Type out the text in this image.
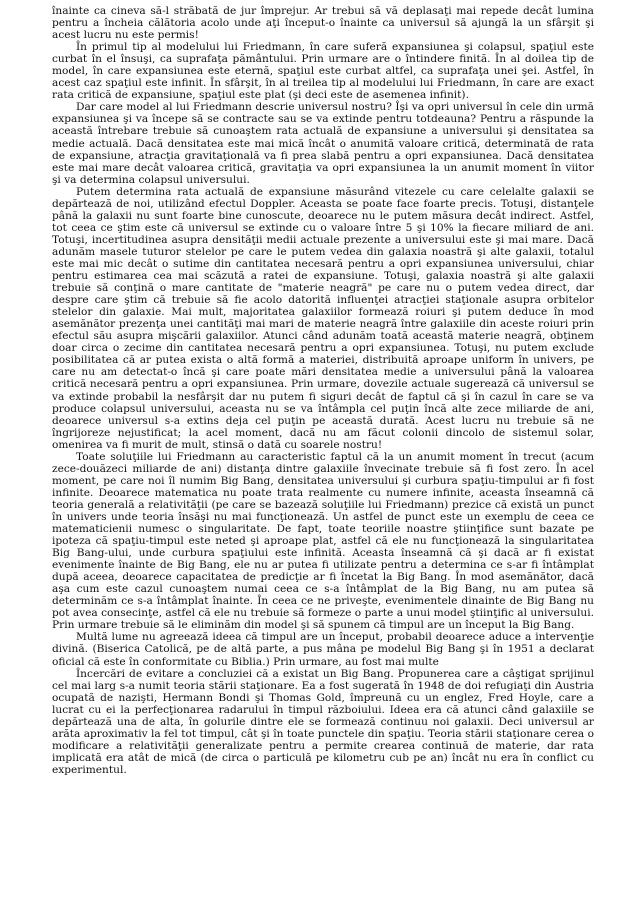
înainte ca cineva să-l străbată de jur împrejur. Ar trebui să vă deplasaţi mai repede decât lumina pentru a încheia călătoria acolo unde aţi început-o înainte ca universul să ajungă la un sfârşit şi acest lucru nu este permis!

În primul tip al modelului lui Friedmann, în care suferă expansiunea şi colapsul, spaţiul este curbat în el însuşi, ca suprafaţa pământului. Prin urmare are o întindere finită. În al doilea tip de model, în care expansiunea este eternă, spaţiul este curbat altfel, ca suprafaţa unei şei. Astfel, în acest caz spaţiul este infinit. În sfârşit, în al treilea tip al modelului lui Friedmann, în care are exact rata critică de expansiune, spaţiul este plat (şi deci este de asemenea infinit).

Dar care model al lui Friedmann descrie universul nostru? Îşi va opri universul în cele din urmă expansiunea şi va începe să se contracte sau se va extinde pentru totdeauna? Pentru a răspunde la această întrebare trebuie să cunoaştem rata actuală de expansiune a universului şi densitatea sa medie actuală. Dacă densitatea este mai mică încât o anumită valoare critică, determinată de rata de expansiune, atracţia gravitaţională va fi prea slabă pentru a opri expansiunea. Dacă densitatea este mai mare decât valoarea critică, gravitaţia va opri expansiunea la un anumit moment în viitor şi va determina colapsul universului.

Putem determina rata actuală de expansiune măsurând vitezele cu care celelalte galaxii se depărtează de noi, utilizând efectul Doppler. Aceasta se poate face foarte precis. Totuşi, distanţele până la galaxii nu sunt foarte bine cunoscute, deoarece nu le putem măsura decât indirect. Astfel, tot ceea ce ştim este că universul se extinde cu o valoare între 5 şi 10% la fiecare miliard de ani. Totuşi, incertitudinea asupra densităţii medii actuale prezente a universului este şi mai mare. Dacă adunăm masele tuturor stelelor pe care le putem vedea din galaxia noastră şi alte galaxii, totalul este mai mic decât o sutime din cantitatea necesară pentru a opri expansiunea universului, chiar pentru estimarea cea mai scăzută a ratei de expansiune. Totuşi, galaxia noastră şi alte galaxii trebuie să conţină o mare cantitate de "materie neagră" pe care nu o putem vedea direct, dar despre care ştim că trebuie să fie acolo datorită influenţei atracţiei staţionale asupra orbitelor stelelor din galaxie. Mai mult, majoritatea galaxiilor formează roiuri şi putem deduce în mod asemănător prezenţa unei cantităţi mai mari de materie neagră între galaxiile din aceste roiuri prin efectul său asupra mişcării galaxiilor. Atunci când adunăm toată această materie neagră, obţinem doar circa o zecime din cantitatea necesară pentru a opri expansiunea. Totuşi, nu putem exclude posibilitatea că ar putea exista o altă formă a materiei, distribuită aproape uniform în univers, pe care nu am detectat-o încă şi care poate mări densitatea medie a universului până la valoarea critică necesară pentru a opri expansiunea. Prin urmare, dovezile actuale sugerează că universul se va extinde probabil la nesfârşit dar nu putem fi siguri decât de faptul că şi în cazul în care se va produce colapsul universului, aceasta nu se va întâmpla cel puţin încă alte zece miliarde de ani, deoarece universul s-a extins deja cel puţin pe această durată. Acest lucru nu trebuie să ne îngrijoreze nejustificat; la acel moment, dacă nu am făcut colonii dincolo de sistemul solar, omenirea va fi murit de mult, stinsă o dată cu soarele nostru!

Toate soluţiile lui Friedmann au caracteristic faptul că la un anumit moment în trecut (acum zece-douăzeci miliarde de ani) distanţa dintre galaxiile învecinate trebuie să fi fost zero. În acel moment, pe care noi îl numim Big Bang, densitatea universului şi curbura spaţiu-timpului ar fi fost infinite. Deoarece matematica nu poate trata realmente cu numere infinite, aceasta înseamnă că teoria generală a relativităţii (pe care se bazează soluţiile lui Friedmann) prezice că există un punct în univers unde teoria însăşi nu mai funcţionează. Un astfel de punct este un exemplu de ceea ce matematicienii numesc o singularitate. De fapt, toate teoriile noastre ştiinţifice sunt bazate pe ipoteza că spaţiu-timpul este neted şi aproape plat, astfel că ele nu funcţionează la singularitatea Big Bang-ului, unde curbura spaţiului este infinită. Aceasta înseamnă că şi dacă ar fi existat evenimente înainte de Big Bang, ele nu ar putea fi utilizate pentru a determina ce s-ar fi întâmplat după aceea, deoarece capacitatea de predicţie ar fi încetat la Big Bang. În mod asemănător, dacă aşa cum este cazul cunoaştem numai ceea ce s-a întâmplat de la Big Bang, nu am putea să determinăm ce s-a întâmplat înainte. În ceea ce ne priveşte, evenimentele dinainte de Big Bang nu pot avea consecinţe, astfel că ele nu trebuie să formeze o parte a unui model ştiinţific al universului. Prin urmare trebuie să le eliminăm din model şi să spunem că timpul are un început la Big Bang.

Multă lume nu agreează ideea că timpul are un început, probabil deoarece aduce a intervenţie divină. (Biserica Catolică, pe de altă parte, a pus mâna pe modelul Big Bang şi în 1951 a declarat oficial că este în conformitate cu Biblia.) Prin urmare, au fost mai multe

Încercări de evitare a concluziei că a existat un Big Bang. Propunerea care a câştigat sprijinul cel mai larg s-a numit teoria stării staţionare. Ea a fost sugerată în 1948 de doi refugiaţi din Austria ocupată de nazişti, Hermann Bondi şi Thomas Gold, împreună cu un englez, Fred Hoyle, care a lucrat cu ei la perfecţionarea radarului în timpul războiului. Ideea era că atunci când galaxiile se depărtează una de alta, în golurile dintre ele se formează continuu noi galaxii. Deci universul ar arăta aproximativ la fel tot timpul, cât şi în toate punctele din spaţiu. Teoria stării staţionare cerea o modificare a relativităţii generalizate pentru a permite crearea continuă de materie, dar rata implicată era atât de mică (de circa o particulă pe kilometru cub pe an) încât nu era în conflict cu experimentul.
